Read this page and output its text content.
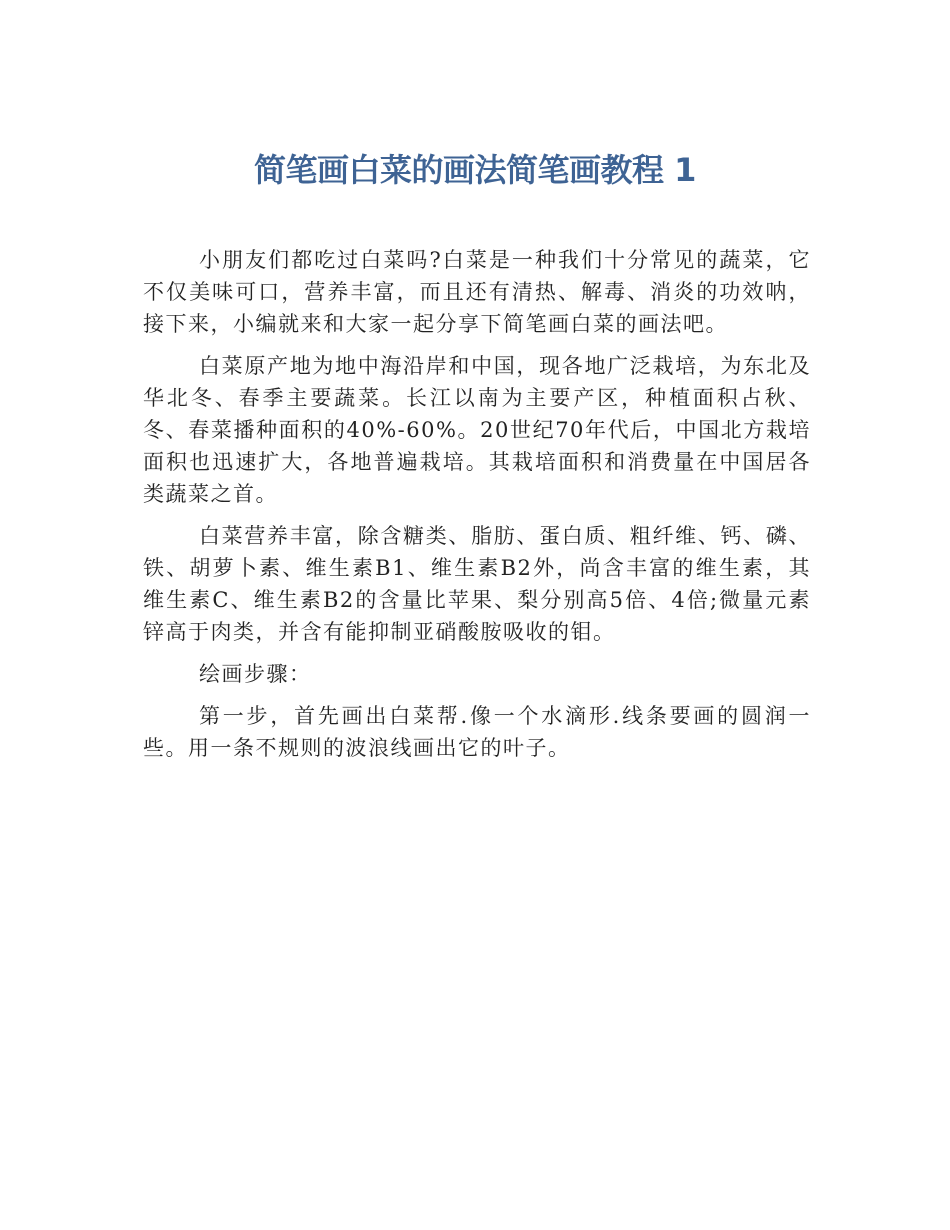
简笔画白菜的画法简笔画教程 1

小朋友们都吃过白菜吗?白菜是一种我们十分常见的蔬菜，它不仅美味可口，营养丰富，而且还有清热、解毒、消炎的功效呐，接下来，小编就来和大家一起分享下简笔画白菜的画法吧。

白菜原产地为地中海沿岸和中国，现各地广泛栽培，为东北及华北冬、春季主要蔬菜。长江以南为主要产区，种植面积占秋、冬、春菜播种面积的40%-60%。20世纪70年代后，中国北方栽培面积也迅速扩大，各地普遍栽培。其栽培面积和消费量在中国居各类蔬菜之首。

白菜营养丰富，除含糖类、脂肪、蛋白质、粗纤维、钙、磷、铁、胡萝卜素、维生素B1、维生素B2外，尚含丰富的维生素，其维生素C、维生素B2的含量比苹果、梨分别高5倍、4倍;微量元素锌高于肉类，并含有能抑制亚硝酸胺吸收的钼。

绘画步骤：

第一步，首先画出白菜帮.像一个水滴形.线条要画的圆润一些。用一条不规则的波浪线画出它的叶子。
